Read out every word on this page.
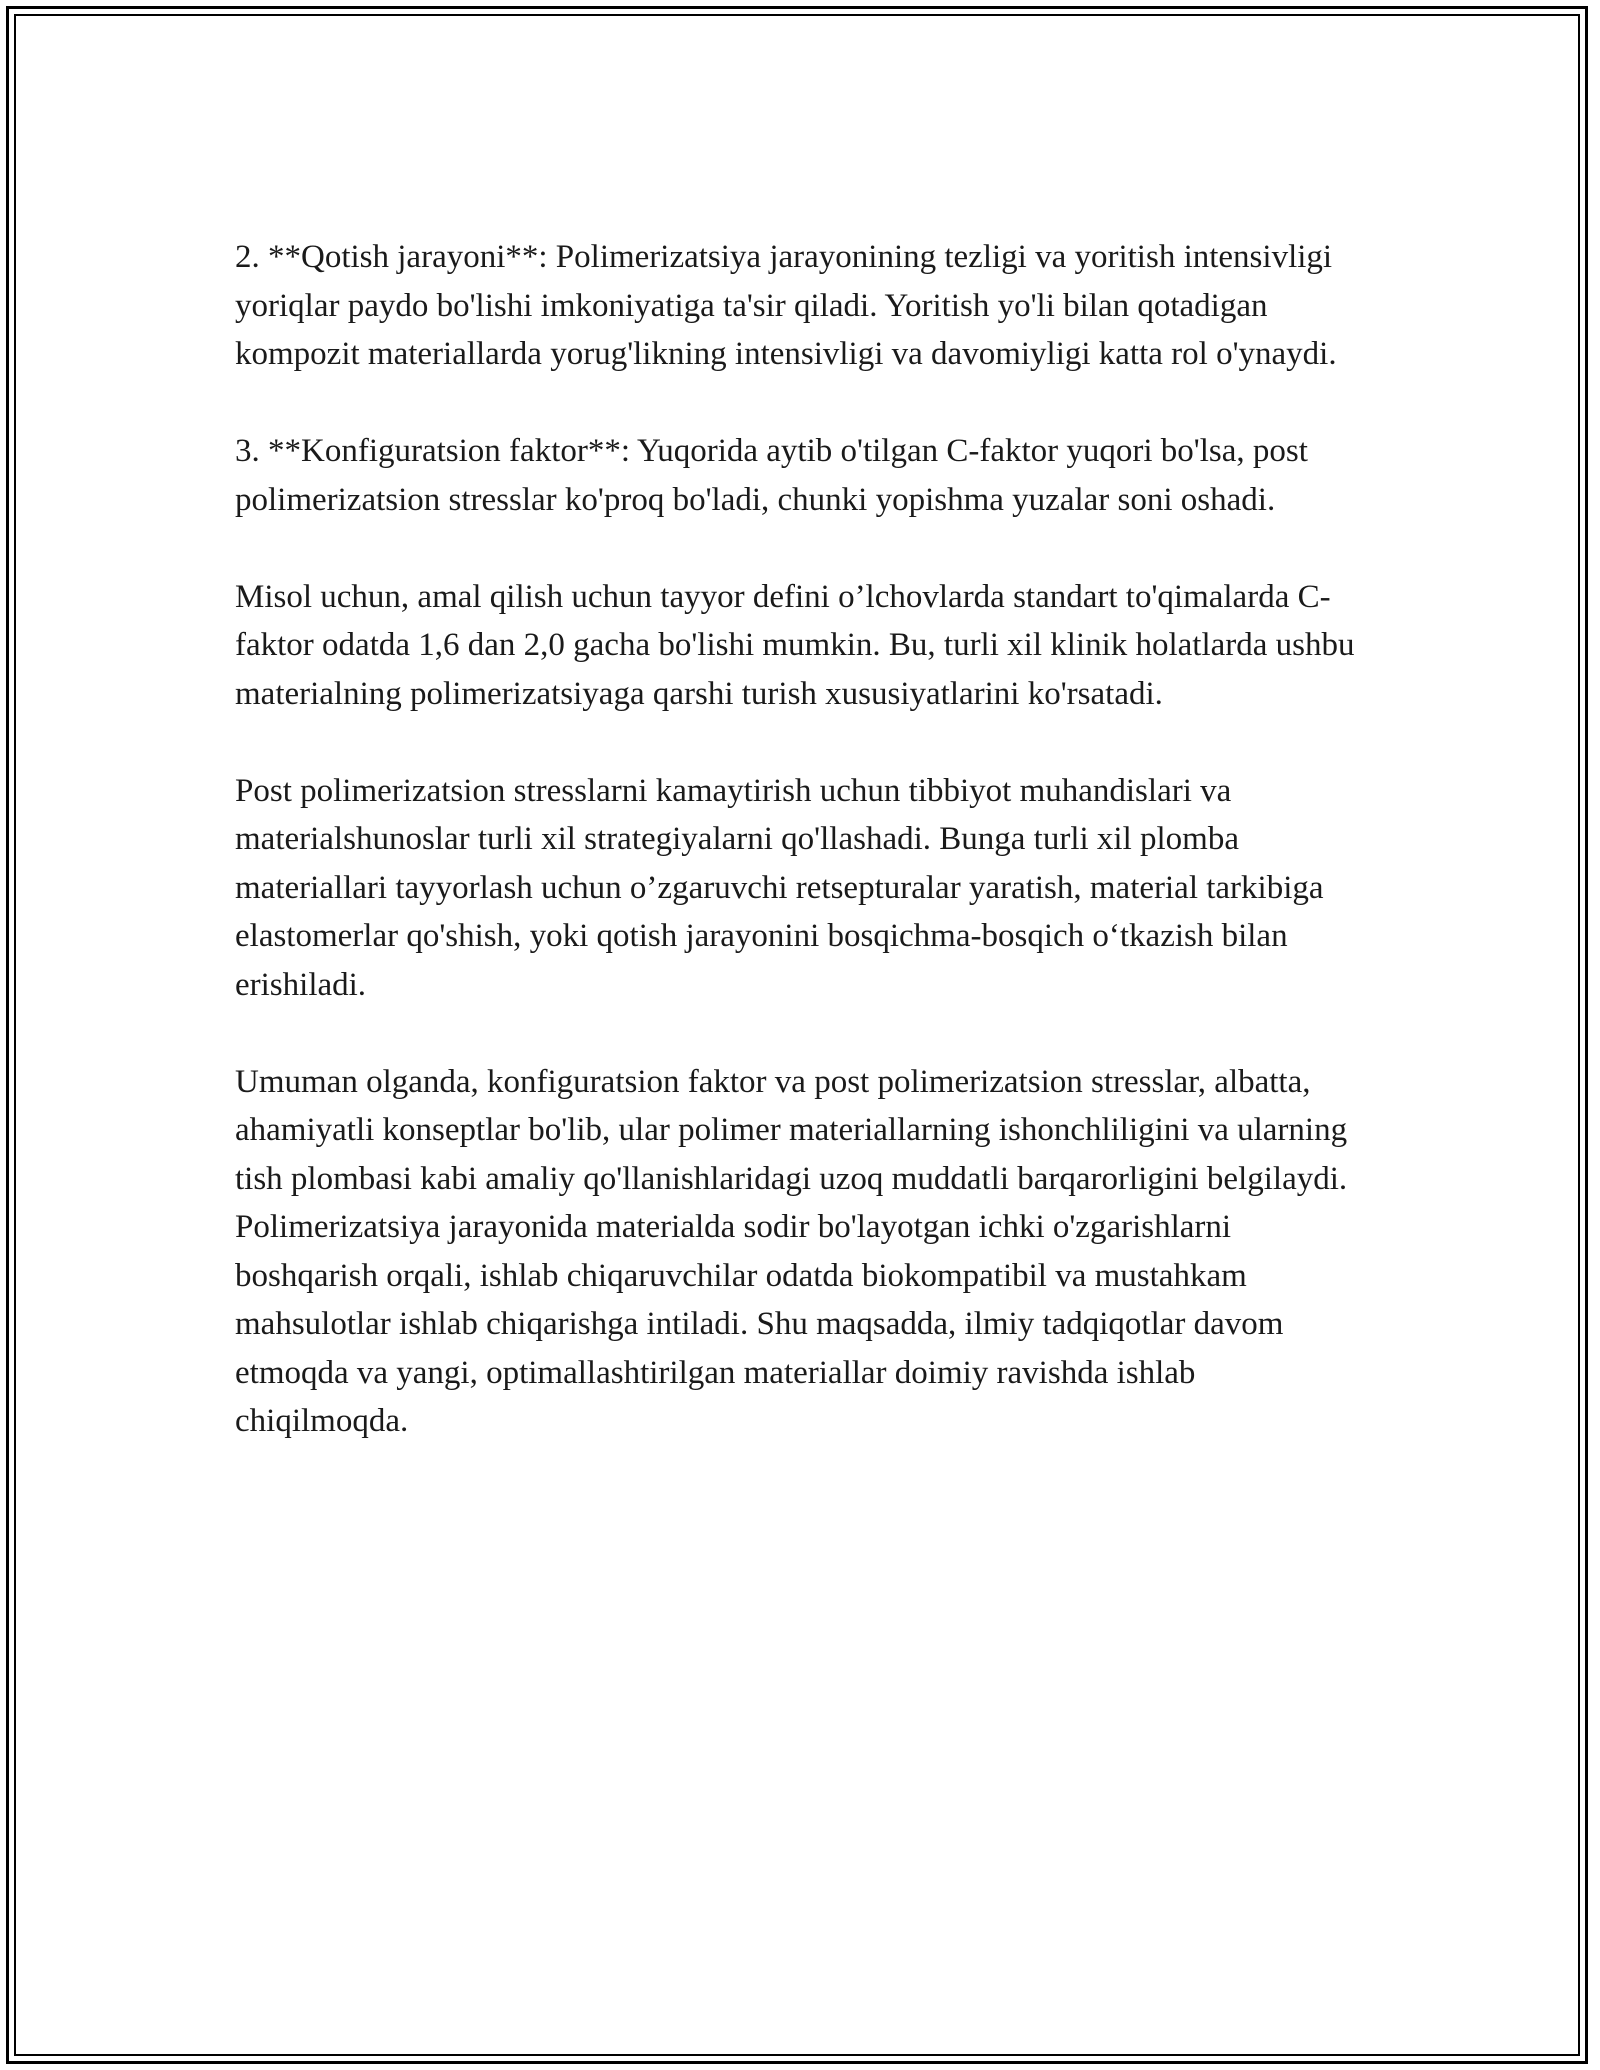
2. **Qotish jarayoni**: Polimerizatsiya jarayonining tezligi va yoritish intensivligi yoriqlar paydo bo'lishi imkoniyatiga ta'sir qiladi. Yoritish yo'li bilan qotadigan kompozit materiallarda yorug'likning intensivligi va davomiyligi katta rol o'ynaydi.

3. **Konfiguratsion faktor**: Yuqorida aytib o'tilgan C-faktor yuqori bo'lsa, post polimerizatsion stresslar ko'proq bo'ladi, chunki yopishma yuzalar soni oshadi.

Misol uchun, amal qilish uchun tayyor defini o’lchovlarda standart to'qimalarda C-faktor odatda 1,6 dan 2,0 gacha bo'lishi mumkin. Bu, turli xil klinik holatlarda ushbu materialning polimerizatsiyaga qarshi turish xususiyatlarini ko'rsatadi.

Post polimerizatsion stresslarni kamaytirish uchun tibbiyot muhandislari va materialshunoslar turli xil strategiyalarni qo'llashadi. Bunga turli xil plomba materiallari tayyorlash uchun o’zgaruvchi retsepturalar yaratish, material tarkibiga elastomerlar qo'shish, yoki qotish jarayonini bosqichma-bosqich o‘tkazish bilan erishiladi.

Umuman olganda, konfiguratsion faktor va post polimerizatsion stresslar, albatta, ahamiyatli konseptlar bo'lib, ular polimer materiallarning ishonchliligini va ularning tish plombasi kabi amaliy qo'llanishlaridagi uzoq muddatli barqarorligini belgilaydi. Polimerizatsiya jarayonida materialda sodir bo'layotgan ichki o'zgarishlarni boshqarish orqali, ishlab chiqaruvchilar odatda biokompatibil va mustahkam mahsulotlar ishlab chiqarishga intiladi. Shu maqsadda, ilmiy tadqiqotlar davom etmoqda va yangi, optimallashtirilgan materiallar doimiy ravishda ishlab chiqilmoqda.
